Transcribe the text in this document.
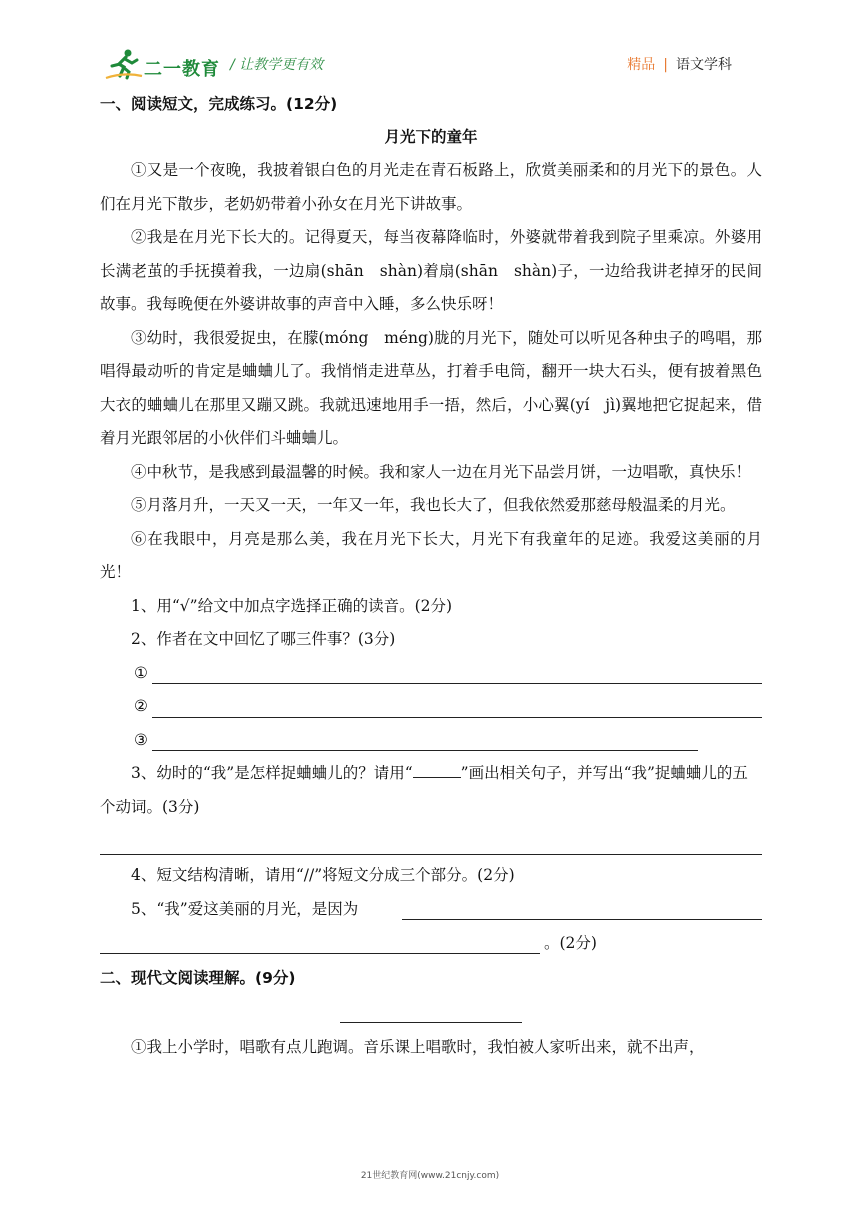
二一教育 / 让教学更有效	精品 | 语文学科
一、阅读短文，完成练习。(12分)
月光下的童年

①又是一个夜晚，我披着银白色的月光走在青石板路上，欣赏美丽柔和的月光下的景色。人们在月光下散步，老奶奶带着小孙女在月光下讲故事。

②我是在月光下长大的。记得夏天，每当夜幕降临时，外婆就带着我到院子里乘凉。外婆用长满老茧的手抚摸着我，一边扇(shān　shàn)着扇(shān　shàn)子，一边给我讲老掉牙的民间故事。我每晚便在外婆讲故事的声音中入睡，多么快乐呀！

③幼时，我很爱捉虫，在朦(móng　méng)胧的月光下，随处可以听见各种虫子的鸣唱，那唱得最动听的肯定是蛐蛐儿了。我悄悄走进草丛，打着手电筒，翻开一块大石头，便有披着黑色大衣的蛐蛐儿在那里又蹦又跳。我就迅速地用手一捂，然后，小心翼(yí　jì)翼地把它捉起来，借着月光跟邻居的小伙伴们斗蛐蛐儿。

④中秋节，是我感到最温馨的时候。我和家人一边在月光下品尝月饼，一边唱歌，真快乐！

⑤月落月升，一天又一天，一年又一年，我也长大了，但我依然爱那慈母般温柔的月光。

⑥在我眼中，月亮是那么美，我在月光下长大，月光下有我童年的足迹。我爱这美丽的月光！

1、用“√”给文中加点字选择正确的读音。(2分)

2、作者在文中回忆了哪三件事？(3分)

①
②
③

3、幼时的“我”是怎样捉蛐蛐儿的？请用“	”画出相关句子，并写出“我”捉蛐蛐儿的五个动词。(3分)

4、短文结构清晰，请用“//”将短文分成三个部分。(2分)

5、“我”爱这美丽的月光，是因为
。(2分)
二、现代文阅读理解。(9分)

①我上小学时，唱歌有点儿跑调。音乐课上唱歌时，我怕被人家听出来，就不出声，

21世纪教育网(www.21cnjy.com)
